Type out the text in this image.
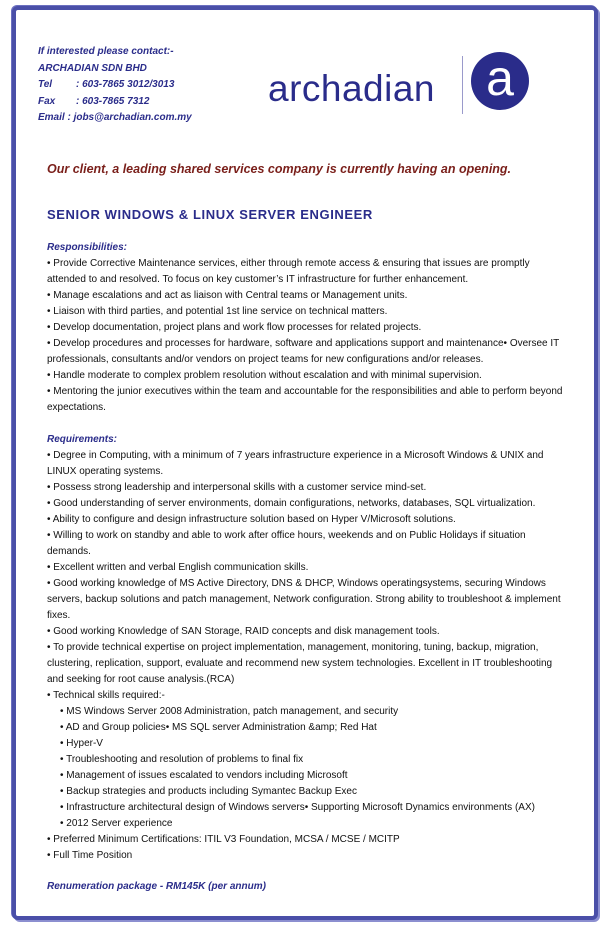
If interested please contact:-
ARCHADIAN SDN BHD
Tel : 603-7865 3012/3013
Fax : 603-7865 7312
Email : jobs@archadian.com.my
archadian	a
Our client, a leading shared services company is currently having an opening.
SENIOR WINDOWS & LINUX SERVER ENGINEER
Responsibilities:

• Provide Corrective Maintenance services, either through remote access & ensuring that issues are promptly attended to and resolved. To focus on key customer’s IT infrastructure for further enhancement.

• Manage escalations and act as liaison with Central teams or Management units.

• Liaison with third parties, and potential 1st line service on technical matters.

• Develop documentation, project plans and work flow processes for related projects.

• Develop procedures and processes for hardware, software and applications support and maintenance• Oversee IT professionals, consultants and/or vendors on project teams for new configurations and/or releases.

• Handle moderate to complex problem resolution without escalation and with minimal supervision.

• Mentoring the junior executives within the team and accountable for the responsibilities and able to perform beyond expectations.

Requirements:

• Degree in Computing, with a minimum of 7 years infrastructure experience in a Microsoft Windows & UNIX and LINUX operating systems.

• Possess strong leadership and interpersonal skills with a customer service mind-set.

• Good understanding of server environments, domain configurations, networks, databases, SQL virtualization.

• Ability to configure and design infrastructure solution based on Hyper V/Microsoft solutions.

• Willing to work on standby and able to work after office hours, weekends and on Public Holidays if situation demands.

• Excellent written and verbal English communication skills.

• Good working knowledge of MS Active Directory, DNS & DHCP, Windows operatingsystems, securing Windows servers, backup solutions and patch management, Network configuration. Strong ability to troubleshoot & implement fixes.

• Good working Knowledge of SAN Storage, RAID concepts and disk management tools.

• To provide technical expertise on project implementation, management, monitoring, tuning, backup, migration, clustering, replication, support, evaluate and recommend new system technologies. Excellent in IT troubleshooting and seeking for root cause analysis.(RCA)

• Technical skills required:-

• MS Windows Server 2008 Administration, patch management, and security

• AD and Group policies• MS SQL server Administration &amp; Red Hat

• Hyper-V

• Troubleshooting and resolution of problems to final fix

• Management of issues escalated to vendors including Microsoft

• Backup strategies and products including Symantec Backup Exec

• Infrastructure architectural design of Windows servers• Supporting Microsoft Dynamics environments (AX)

• 2012 Server experience

• Preferred Minimum Certifications: ITIL V3 Foundation, MCSA / MCSE / MCITP

• Full Time Position

Renumeration package - RM145K (per annum)
